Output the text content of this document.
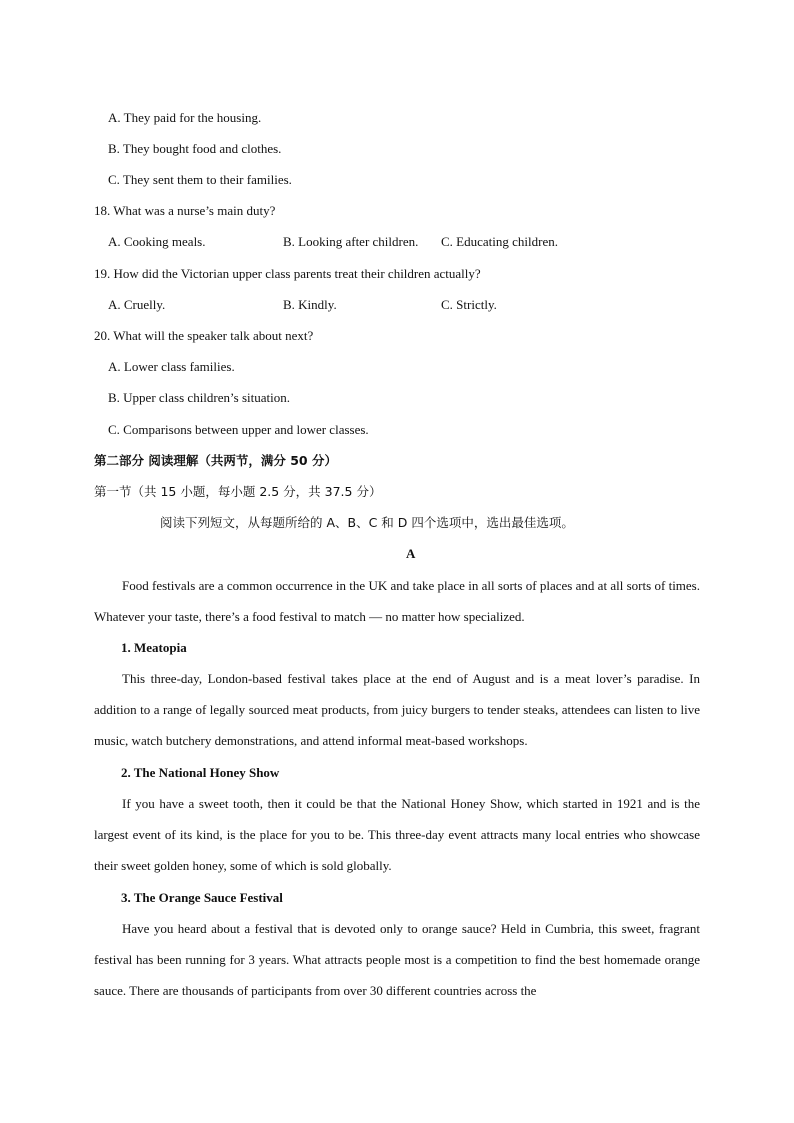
A. They paid for the housing.
B. They bought food and clothes.
C. They sent them to their families.
18. What was a nurse’s main duty?
A. Cooking meals.	B. Looking after children. C. Educating children.
19. How did the Victorian upper class parents treat their children actually?
A. Cruelly.	B. Kindly.	C. Strictly.
20. What will the speaker talk about next?
A. Lower class families.
B. Upper class children’s situation.
C. Comparisons between upper and lower classes.
第二部分 阅读理解（共两节，满分 50 分）
第一节（共 15 小题，每小题 2.5 分，共 37.5 分）
阅读下列短文，从每题所给的 A、B、C 和 D 四个选项中，选出最佳选项。
A

Food festivals are a common occurrence in the UK and take place in all sorts of places and at all sorts of times. Whatever your taste, there’s a food festival to match — no matter how specialized.

1. Meatopia

This three-day, London-based festival takes place at the end of August and is a meat lover’s paradise. In addition to a range of legally sourced meat products, from juicy burgers to tender steaks, attendees can listen to live music, watch butchery demonstrations, and attend informal meat-based workshops.

2. The National Honey Show

If you have a sweet tooth, then it could be that the National Honey Show, which started in 1921 and is the largest event of its kind, is the place for you to be. This three-day event attracts many local entries who showcase their sweet golden honey, some of which is sold globally.

3. The Orange Sauce Festival

Have you heard about a festival that is devoted only to orange sauce? Held in Cumbria, this sweet, fragrant festival has been running for 3 years. What attracts people most is a competition to find the best homemade orange sauce. There are thousands of participants from over 30 different countries across the
